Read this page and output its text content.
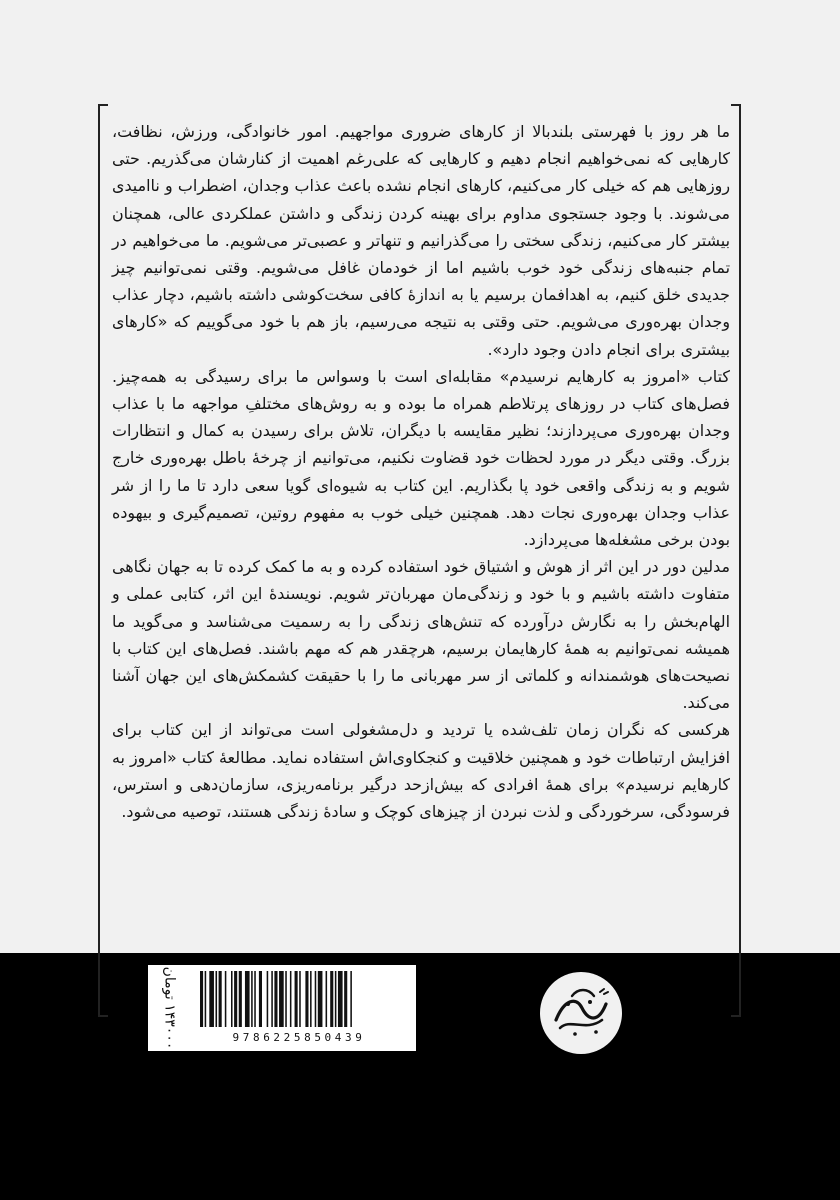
ما هر روز با فهرستی بلندبالا از کارهای ضروری مواجهیم. امور خانوادگی، ورزش، نظافت، کارهایی که نمی‌خواهیم انجام دهیم و کارهایی که علی‌رغم اهمیت از کنارشان می‌گذریم. حتی روزهایی هم که خیلی کار می‌کنیم، کارهای انجام نشده باعث عذاب وجدان، اضطراب و ناامیدی می‌شوند. با وجود جستجوی مداوم برای بهینه کردن زندگی و داشتن عملکردی عالی، همچنان بیشتر کار می‌کنیم، زندگی سختی را می‌گذرانیم و تنهاتر و عصبی‌تر می‌شویم. ما می‌خواهیم در تمام جنبه‌های زندگی خود خوب باشیم اما از خودمان غافل می‌شویم. وقتی نمی‌توانیم چیز جدیدی خلق کنیم، به اهدافمان برسیم یا به اندازهٔ کافی سخت‌کوشی داشته باشیم، دچار عذاب وجدان بهره‌وری می‌شویم. حتی وقتی به نتیجه می‌رسیم، باز هم با خود می‌گوییم که «کارهای بیشتری برای انجام دادن وجود دارد».

کتاب «امروز به کارهایم نرسیدم» مقابله‌ای است با وسواس ما برای رسیدگی به همه‌چیز. فصل‌های کتاب در روزهای پرتلاطم همراه ما بوده و به روش‌های مختلفِ مواجهه ما با عذاب وجدان بهره‌وری می‌پردازند؛ نظیر مقایسه با دیگران، تلاش برای رسیدن به کمال و انتظارات بزرگ. وقتی دیگر در مورد لحظات خود قضاوت نکنیم، می‌توانیم از چرخهٔ باطل بهره‌وری خارج شویم و به زندگی واقعی خود پا بگذاریم. این کتاب به شیوه‌ای گویا سعی دارد تا ما را از شر عذاب وجدان بهره‌وری نجات دهد. همچنین خیلی خوب به مفهوم روتین، تصمیم‌گیری و بیهوده بودن برخی مشغله‌ها می‌پردازد.

مدلین دور در این اثر از هوش و اشتیاق خود استفاده کرده و به ما کمک کرده تا به جهان نگاهی متفاوت داشته باشیم و با خود و زندگی‌مان مهربان‌تر شویم. نویسندهٔ این اثر، کتابی عملی و الهام‌بخش را به نگارش درآورده که تنش‌های زندگی را به رسمیت می‌شناسد و می‌گوید ما همیشه نمی‌توانیم به همهٔ کارهایمان برسیم، هرچقدر هم که مهم باشند. فصل‌های این کتاب با نصیحت‌های هوشمندانه و کلماتی از سر مهربانی ما را با حقیقت کشمکش‌های این جهان آشنا می‌کند.

هرکسی که نگران زمان تلف‌شده یا تردید و دل‌مشغولی است می‌تواند از این کتاب برای افزایش ارتباطات خود و همچنین خلاقیت و کنجکاوی‌اش استفاده نماید. مطالعهٔ کتاب «امروز به کارهایم نرسیدم» برای همهٔ افرادی که بیش‌ازحد درگیر برنامه‌ریزی، سازمان‌دهی و استرس، فرسودگی، سرخوردگی و لذت نبردن از چیزهای کوچک و سادهٔ زندگی هستند، توصیه می‌شود.

۱۴۳۰۰۰ تومان	9786225850439
